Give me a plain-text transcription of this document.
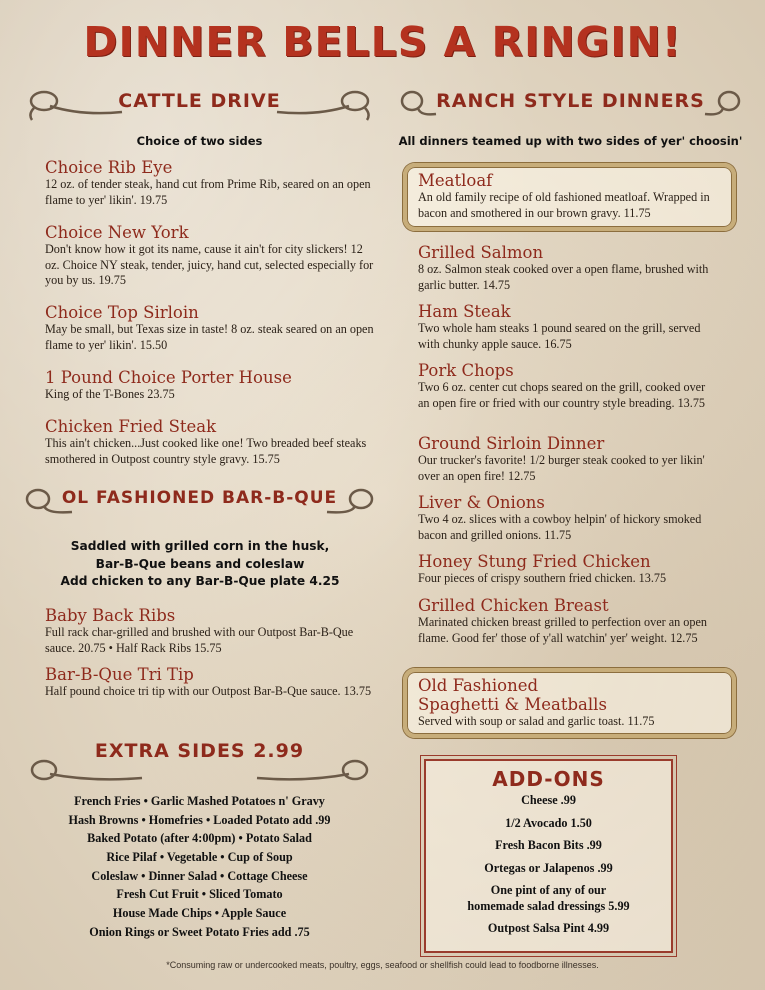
DINNER BELLS A RINGIN!
CATTLE DRIVE
Choice of two sides
Choice Rib Eye
12 oz. of tender steak, hand cut from Prime Rib, seared on an open flame to yer' likin'. 19.75
Choice New York
Don't know how it got its name, cause it ain't for city slickers! 12 oz. Choice NY steak, tender, juicy, hand cut, selected especially for you by us. 19.75
Choice Top Sirloin
May be small, but Texas size in taste! 8 oz. steak seared on an open flame to yer' likin'. 15.50
1 Pound Choice Porter House
King of the T-Bones 23.75
Chicken Fried Steak
This ain't chicken...Just cooked like one! Two breaded beef steaks smothered in Outpost country style gravy. 15.75
OL FASHIONED BAR-B-QUE
Saddled with grilled corn in the husk,
Bar-B-Que beans and coleslaw
Add chicken to any Bar-B-Que plate 4.25
Baby Back Ribs
Full rack char-grilled and brushed with our Outpost Bar-B-Que sauce. 20.75 • Half Rack Ribs 15.75
Bar-B-Que Tri Tip
Half pound choice tri tip with our Outpost Bar-B-Que sauce. 13.75
EXTRA SIDES 2.99
French Fries • Garlic Mashed Potatoes n' Gravy
Hash Browns • Homefries • Loaded Potato add .99
Baked Potato (after 4:00pm) • Potato Salad
Rice Pilaf • Vegetable • Cup of Soup
Coleslaw • Dinner Salad • Cottage Cheese
Fresh Cut Fruit • Sliced Tomato
House Made Chips • Apple Sauce
Onion Rings or Sweet Potato Fries add .75
RANCH STYLE DINNERS
All dinners teamed up with two sides of yer' choosin'
Meatloaf
An old family recipe of old fashioned meatloaf. Wrapped in bacon and smothered in our brown gravy. 11.75
Grilled Salmon
8 oz. Salmon steak cooked over a open flame, brushed with garlic butter. 14.75
Ham Steak
Two whole ham steaks 1 pound seared on the grill, served with chunky apple sauce. 16.75
Pork Chops
Two 6 oz. center cut chops seared on the grill, cooked over an open fire or fried with our country style breading. 13.75
Ground Sirloin Dinner
Our trucker's favorite! 1/2 burger steak cooked to yer likin' over an open fire! 12.75
Liver & Onions
Two 4 oz. slices with a cowboy helpin' of hickory smoked bacon and grilled onions. 11.75
Honey Stung Fried Chicken
Four pieces of crispy southern fried chicken. 13.75
Grilled Chicken Breast
Marinated chicken breast grilled to perfection over an open flame. Good fer' those of y'all watchin' yer' weight. 12.75
Old Fashioned
Spaghetti & Meatballs
Served with soup or salad and garlic toast. 11.75
ADD-ONS
Cheese .99
1/2 Avocado 1.50
Fresh Bacon Bits .99
Ortegas or Jalapenos .99
One pint of any of our
homemade salad dressings 5.99
Outpost Salsa Pint 4.99
*Consuming raw or undercooked meats, poultry, eggs, seafood or shellfish could lead to foodborne illnesses.
